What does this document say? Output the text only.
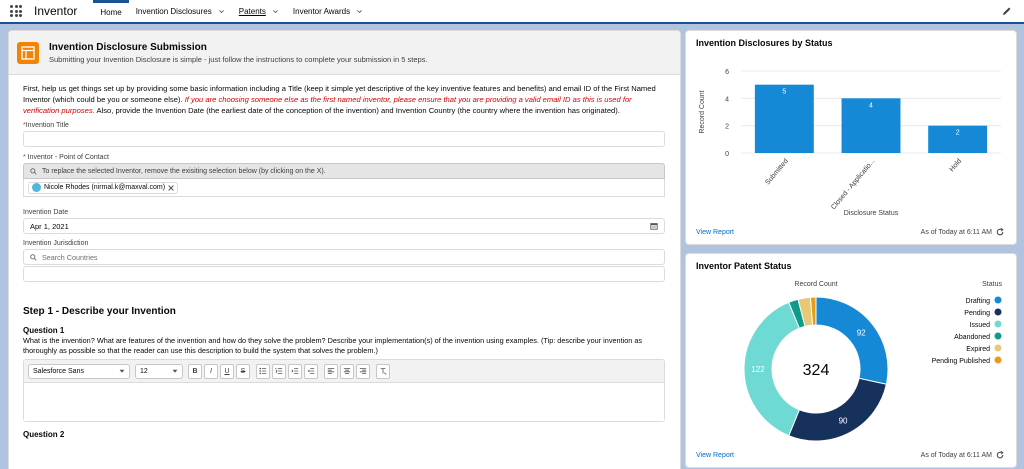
Inventor	Home Invention Disclosures	Patents	Inventor Awards
Invention Disclosure Submission
Submitting your Invention Disclosure is simple - just follow the instructions to complete your submission in 5 steps.
First, help us get things set up by providing some basic information including a Title (keep it simple yet descriptive of the key inventive features and benefits) and email ID of the First Named Inventor (which could be you or someone else). If you are choosing someone else as the first named inventor, please ensure that you are providing a valid email ID as this is used for verification purposes. Also, provide the Invention Date (the earliest date of the conception of the invention) and Invention Country (the country where the invention has originated).
*Invention Title
* Inventor - Point of Contact
To replace the selected Inventor, remove the exisiting selection below (by clicking on the X).
Nicole Rhodes (nirmal.k@maxval.com)
Invention Date
Apr 1, 2021
Invention Jurisdiction
Search Countries
Step 1 - Describe your Invention
Question 1
What is the invention? What are features of the invention and how do they solve the problem? Describe your implementation(s) of the invention using examples. (Tip: describe your invention as thoroughly as possible so that the reader can use this description to build the system that solves the problem.)
Salesforce Sans	12	B	I	U	S
Question 2
Invention Disclosures by Status
0
2
4
6
Record Count	5
Submitted
4
Closed - Applicatio...
2
Hold
Disclosure Status
View Report	As of Today at 6:11 AM
Inventor Patent Status
Record Count
92
90
122 324
Status
Drafting
Pending
Issued
Abandoned
Expired
Pending Published
View Report	As of Today at 6:11 AM
